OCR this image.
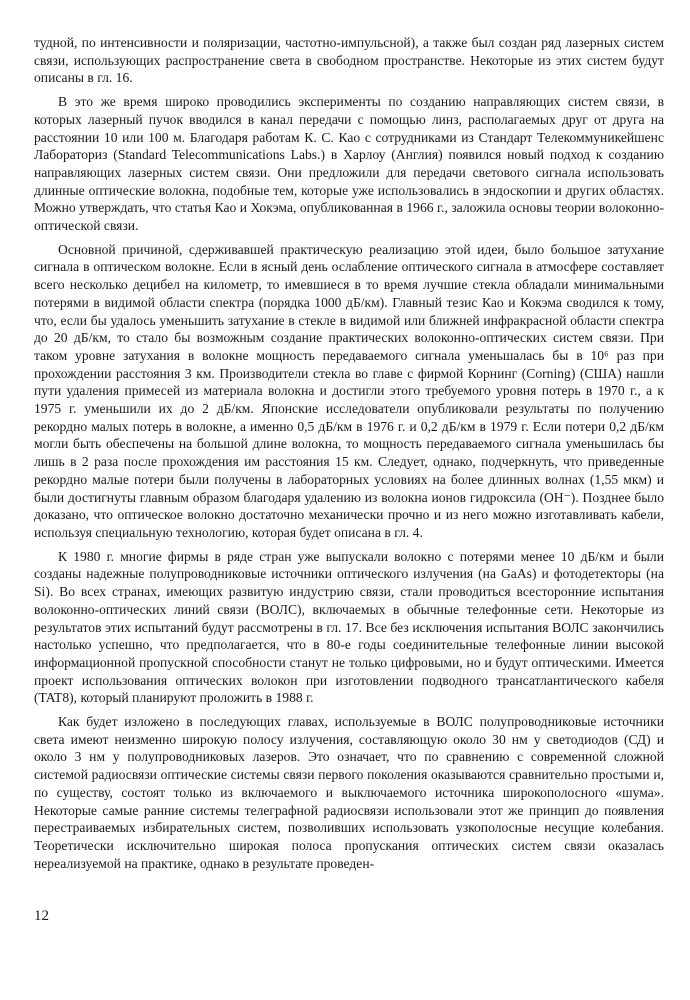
тудной, по интенсивности и поляризации, частотно-импульсной), а также был создан ряд лазерных систем связи, использующих распространение света в свободном пространстве. Некоторые из этих систем будут описаны в гл. 16.

В это же время широко проводились эксперименты по созданию направляющих систем связи, в которых лазерный пучок вводился в канал передачи с помощью линз, располагаемых друг от друга на расстоянии 10 или 100 м. Благодаря работам К. С. Као с сотрудниками из Стандарт Телекоммуникейшенс Лабораториз (Standard Telecommunications Labs.) в Харлоу (Англия) появился новый подход к созданию направляющих лазерных систем связи. Они предложили для передачи светового сигнала использовать длинные оптические волокна, подобные тем, которые уже использовались в эндоскопии и других областях. Можно утверждать, что статья Као и Хокэма, опубликованная в 1966 г., заложила основы теории волоконно-оптической связи.

Основной причиной, сдерживавшей практическую реализацию этой идеи, было большое затухание сигнала в оптическом волокне. Если в ясный день ослабление оптического сигнала в атмосфере составляет всего несколько децибел на километр, то имевшиеся в то время лучшие стекла обладали минимальными потерями в видимой области спектра (порядка 1000 дБ/км). Главный тезис Као и Кокэма сводился к тому, что, если бы удалось уменьшить затухание в стекле в видимой или ближней инфракрасной области спектра до 20 дБ/км, то стало бы возможным создание практических волоконно-оптических систем связи. При таком уровне затухания в волокне мощность передаваемого сигнала уменьшалась бы в 10⁶ раз при прохождении расстояния 3 км. Производители стекла во главе с фирмой Корнинг (Corning) (США) нашли пути удаления примесей из материала волокна и достигли этого требуемого уровня потерь в 1970 г., а к 1975 г. уменьшили их до 2 дБ/км. Японские исследователи опубликовали результаты по получению рекордно малых потерь в волокне, а именно 0,5 дБ/км в 1976 г. и 0,2 дБ/км в 1979 г. Если потери 0,2 дБ/км могли быть обеспечены на большой длине волокна, то мощность передаваемого сигнала уменьшилась бы лишь в 2 раза после прохождения им расстояния 15 км. Следует, однако, подчеркнуть, что приведенные рекордно малые потери были получены в лабораторных условиях на более длинных волнах (1,55 мкм) и были достигнуты главным образом благодаря удалению из волокна ионов гидроксила (OH⁻). Позднее было доказано, что оптическое волокно достаточно механически прочно и из него можно изготавливать кабели, используя специальную технологию, которая будет описана в гл. 4.

К 1980 г. многие фирмы в ряде стран уже выпускали волокно с потерями менее 10 дБ/км и были созданы надежные полупроводниковые источники оптического излучения (на GaAs) и фотодетекторы (на Si). Во всех странах, имеющих развитую индустрию связи, стали проводиться всесторонние испытания волоконно-оптических линий связи (ВОЛС), включаемых в обычные телефонные сети. Некоторые из результатов этих испытаний будут рассмотрены в гл. 17. Все без исключения испытания ВОЛС закончились настолько успешно, что предполагается, что в 80-е годы соединительные телефонные линии высокой информационной пропускной способности станут не только цифровыми, но и будут оптическими. Имеется проект использования оптических волокон при изготовлении подводного трансатлантического кабеля (TAT8), который планируют проложить в 1988 г.

Как будет изложено в последующих главах, используемые в ВОЛС полупроводниковые источники света имеют неизменно широкую полосу излучения, составляющую около 30 нм у светодиодов (СД) и около 3 нм у полупроводниковых лазеров. Это означает, что по сравнению с современной сложной системой радиосвязи оптические системы связи первого поколения оказываются сравнительно простыми и, по существу, состоят только из включаемого и выключаемого источника широкополосного «шума». Некоторые самые ранние системы телеграфной радиосвязи использовали этот же принцип до появления перестраиваемых избирательных систем, позволивших использовать узкополосные несущие колебания. Теоретически исключительно широкая полоса пропускания оптических систем связи оказалась нереализуемой на практике, однако в результате проведен-

12
